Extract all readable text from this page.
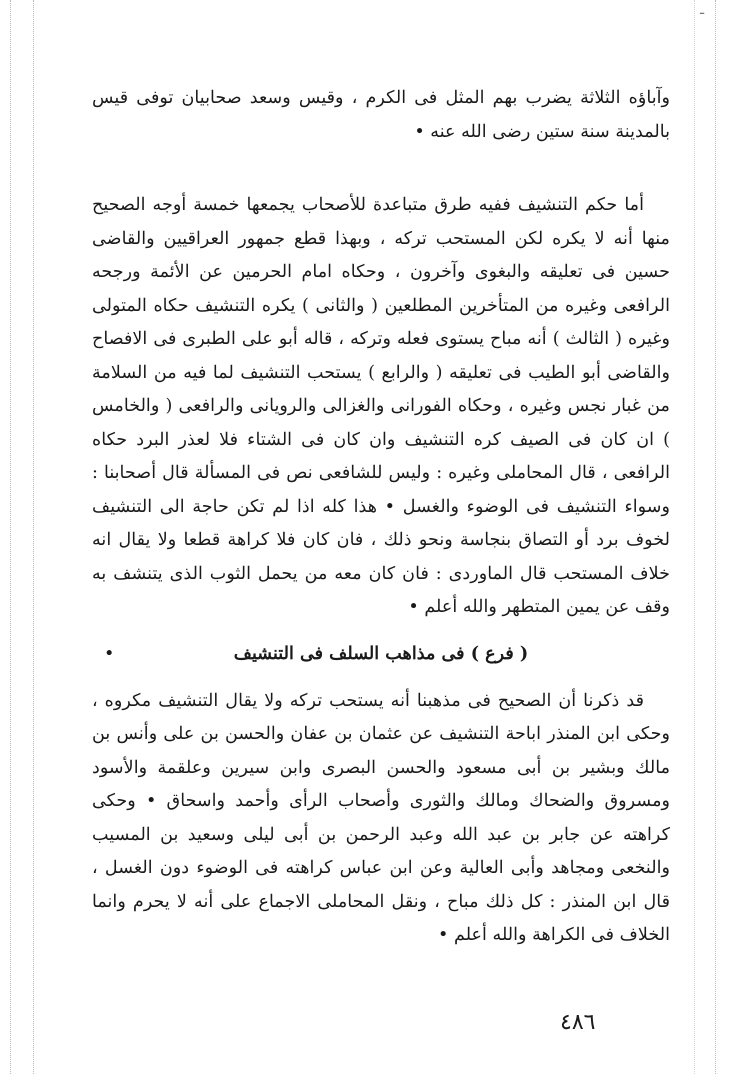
ـ

وآباؤه الثلاثة يضرب بهم المثل فى الكرم ، وقيس وسعد صحابيان توفى قيس بالمدينة سنة ستين رضى الله عنه •

أما حكم التنشيف ففيه طرق متباعدة للأصحاب يجمعها خمسة أوجه الصحيح منها أنه لا يكره لكن المستحب تركه ، وبهذا قطع جمهور العراقيين والقاضى حسين فى تعليقه والبغوى وآخرون ، وحكاه امام الحرمين عن الأئمة ورجحه الرافعى وغيره من المتأخرين المطلعين ( والثانى ) يكره التنشيف حكاه المتولى وغيره ( الثالث ) أنه مباح يستوى فعله وتركه ، قاله أبو على الطبرى فى الافصاح والقاضى أبو الطيب فى تعليقه ( والرابع ) يستحب التنشيف لما فيه من السلامة من غبار نجس وغيره ، وحكاه الفورانى والغزالى والرويانى والرافعى ( والخامس ) ان كان فى الصيف كره التنشيف وان كان فى الشتاء فلا لعذر البرد حكاه الرافعى ، قال المحاملى وغيره : وليس للشافعى نص فى المسألة قال أصحابنا : وسواء التنشيف فى الوضوء والغسل • هذا كله اذا لم تكن حاجة الى التنشيف لخوف برد أو التصاق بنجاسة ونحو ذلك ، فان كان فلا كراهة قطعا ولا يقال انه خلاف المستحب قال الماوردى : فان كان معه من يحمل الثوب الذى يتنشف به وقف عن يمين المتطهر والله أعلم •

( فرع ) فى مذاهب السلف فى التنشيف
•

قد ذكرنا أن الصحيح فى مذهبنا أنه يستحب تركه ولا يقال التنشيف مكروه ، وحكى ابن المنذر اباحة التنشيف عن عثمان بن عفان والحسن بن على وأنس بن مالك وبشير بن أبى مسعود والحسن البصرى وابن سيرين وعلقمة والأسود ومسروق والضحاك ومالك والثورى وأصحاب الرأى وأحمد واسحاق • وحكى كراهته عن جابر بن عبد الله وعبد الرحمن بن أبى ليلى وسعيد بن المسيب والنخعى ومجاهد وأبى العالية وعن ابن عباس كراهته فى الوضوء دون الغسل ، قال ابن المنذر : كل ذلك مباح ، ونقل المحاملى الاجماع على أنه لا يحرم وانما الخلاف فى الكراهة والله أعلم •

٤٨٦
